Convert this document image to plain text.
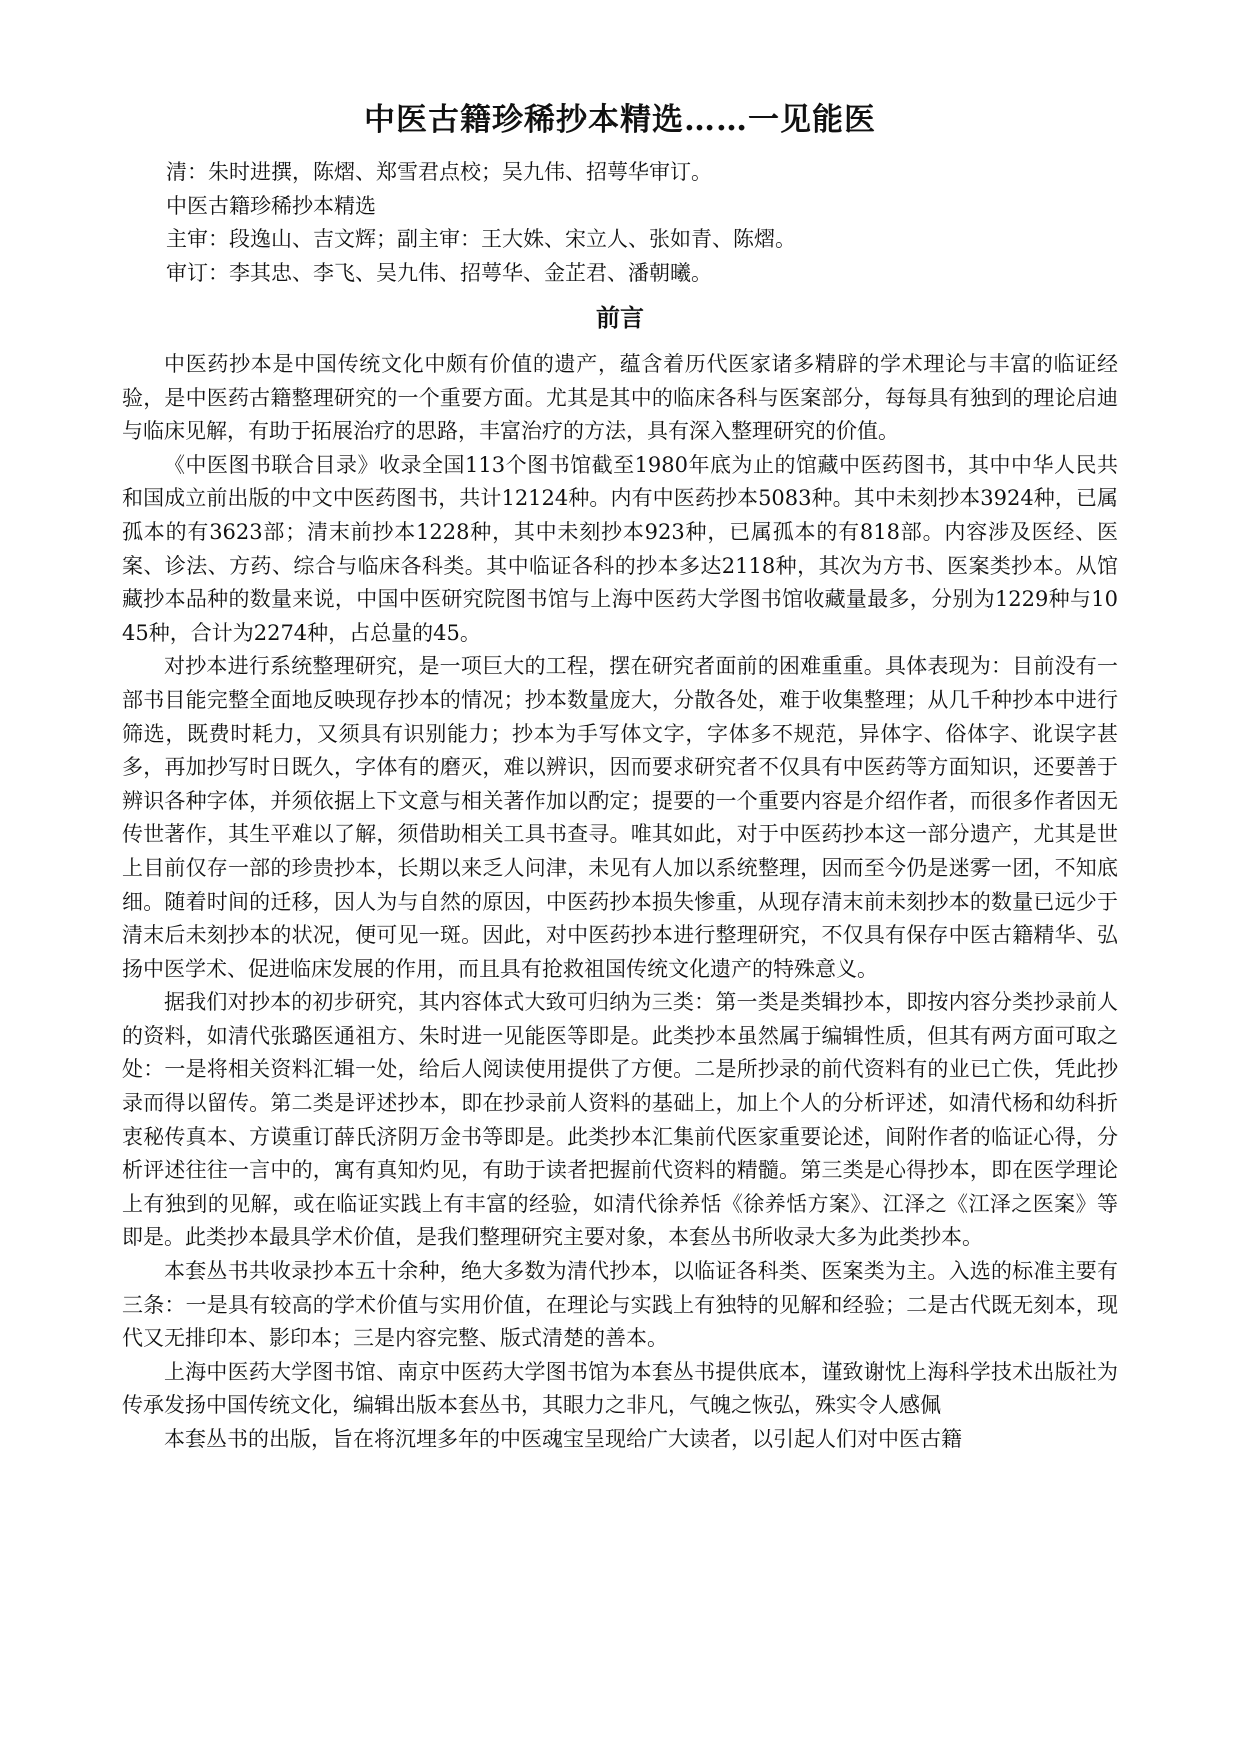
中医古籍珍稀抄本精选……一见能医
清：朱时进撰，陈熠、郑雪君点校；吴九伟、招萼华审订。
中医古籍珍稀抄本精选
主审：段逸山、吉文辉；副主审：王大姝、宋立人、张如青、陈熠。
审订：李其忠、李飞、吴九伟、招萼华、金芷君、潘朝曦。
前言

中医药抄本是中国传统文化中颇有价值的遗产，蕴含着历代医家诸多精辟的学术理论与丰富的临证经验，是中医药古籍整理研究的一个重要方面。尤其是其中的临床各科与医案部分，每每具有独到的理论启迪与临床见解，有助于拓展治疗的思路，丰富治疗的方法，具有深入整理研究的价值。

《中医图书联合目录》收录全国113个图书馆截至1980年底为止的馆藏中医药图书，其中中华人民共和国成立前出版的中文中医药图书，共计12124种。内有中医药抄本5083种。其中未刻抄本3924种，已属孤本的有3623部；清末前抄本1228种，其中未刻抄本923种，已属孤本的有818部。内容涉及医经、医案、诊法、方药、综合与临床各科类。其中临证各科的抄本多达2118种，其次为方书、医案类抄本。从馆藏抄本品种的数量来说，中国中医研究院图书馆与上海中医药大学图书馆收藏量最多，分别为1229种与1045种，合计为2274种，占总量的45。

对抄本进行系统整理研究，是一项巨大的工程，摆在研究者面前的困难重重。具体表现为：目前没有一部书目能完整全面地反映现存抄本的情况；抄本数量庞大，分散各处，难于收集整理；从几千种抄本中进行筛选，既费时耗力，又须具有识别能力；抄本为手写体文字，字体多不规范，异体字、俗体字、讹误字甚多，再加抄写时日既久，字体有的磨灭，难以辨识，因而要求研究者不仅具有中医药等方面知识，还要善于辨识各种字体，并须依据上下文意与相关著作加以酌定；提要的一个重要内容是介绍作者，而很多作者因无传世著作，其生平难以了解，须借助相关工具书查寻。唯其如此，对于中医药抄本这一部分遗产，尤其是世上目前仅存一部的珍贵抄本，长期以来乏人问津，未见有人加以系统整理，因而至今仍是迷雾一团，不知底细。随着时间的迁移，因人为与自然的原因，中医药抄本损失惨重，从现存清末前未刻抄本的数量已远少于清末后未刻抄本的状况，便可见一斑。因此，对中医药抄本进行整理研究，不仅具有保存中医古籍精华、弘扬中医学术、促进临床发展的作用，而且具有抢救祖国传统文化遗产的特殊意义。

据我们对抄本的初步研究，其内容体式大致可归纳为三类：第一类是类辑抄本，即按内容分类抄录前人的资料，如清代张璐医通祖方、朱时进一见能医等即是。此类抄本虽然属于编辑性质，但其有两方面可取之处：一是将相关资料汇辑一处，给后人阅读使用提供了方便。二是所抄录的前代资料有的业已亡佚，凭此抄录而得以留传。第二类是评述抄本，即在抄录前人资料的基础上，加上个人的分析评述，如清代杨和幼科折衷秘传真本、方谟重订薛氏济阴万金书等即是。此类抄本汇集前代医家重要论述，间附作者的临证心得，分析评述往往一言中的，寓有真知灼见，有助于读者把握前代资料的精髓。第三类是心得抄本，即在医学理论上有独到的见解，或在临证实践上有丰富的经验，如清代徐养恬《徐养恬方案》、江泽之《江泽之医案》等即是。此类抄本最具学术价值，是我们整理研究主要对象，本套丛书所收录大多为此类抄本。

本套丛书共收录抄本五十余种，绝大多数为清代抄本，以临证各科类、医案类为主。入选的标准主要有三条：一是具有较高的学术价值与实用价值，在理论与实践上有独特的见解和经验；二是古代既无刻本，现代又无排印本、影印本；三是内容完整、版式清楚的善本。

上海中医药大学图书馆、南京中医药大学图书馆为本套丛书提供底本，谨致谢忱上海科学技术出版社为传承发扬中国传统文化，编辑出版本套丛书，其眼力之非凡，气魄之恢弘，殊实令人感佩

本套丛书的出版，旨在将沉埋多年的中医魂宝呈现给广大读者，以引起人们对中医古籍
